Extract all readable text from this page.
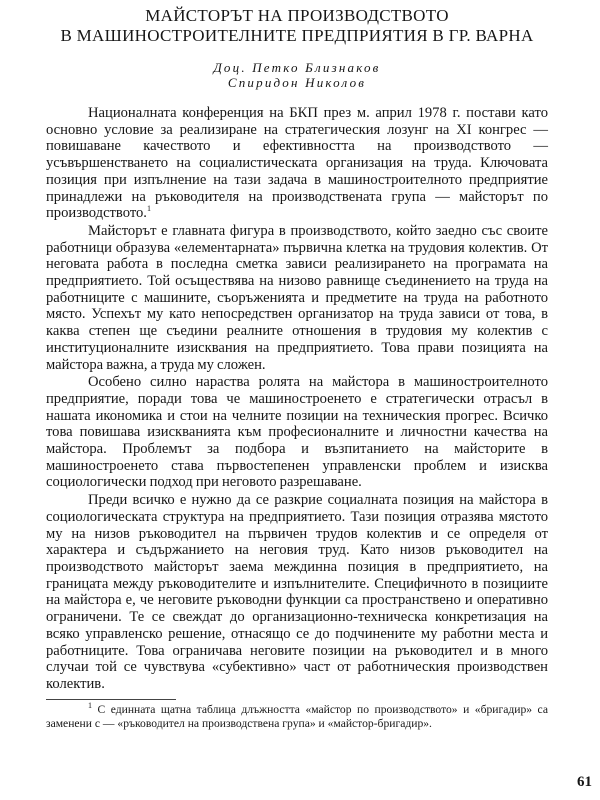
МАЙСТОРЪТ НА ПРОИЗВОДСТВОТО
В МАШИНОСТРОИТЕЛНИТЕ ПРЕДПРИЯТИЯ В ГР. ВАРНА
Доц. Петко Близнаков
Спиридон Николов

Националната конференция на БКП през м. април 1978 г. постави като основно условие за реализиране на стратегическия лозунг на XI конгрес — повишаване качеството и ефективността на производството — усъвършенстването на социалистическата организация на труда. Ключовата позиция при изпълнение на тази задача в машиностроителното предприятие принадлежи на ръководителя на производствената група — майсторът по производството.$^1$

Майсторът е главната фигура в производството, който заедно със своите работници образува «елементарната» първична клетка на трудовия колектив. От неговата работа в последна сметка зависи реализирането на програмата на предприятието. Той осъществява на низово равнище съединението на труда на работниците с машините, съоръженията и предметите на труда на работното място. Успехът му като непосредствен организатор на труда зависи от това, в каква степен ще съедини реалните отношения в трудовия му колектив с институционалните изисквания на предприятието. Това прави позицията на майстора важна, а труда му сложен.

Особено силно нараства ролята на майстора в машиностроителното предприятие, поради това че машиностроенето е стратегически отрасъл в нашата икономика и стои на челните позиции на техническия прогрес. Всичко това повишава изискванията към професионалните и личностни качества на майстора. Проблемът за подбора и възпитанието на майсторите в машиностроенето става първостепенен управленски проблем и изисква социологически подход при неговото разрешаване.

Преди всичко е нужно да се разкрие социалната позиция на майстора в социологическата структура на предприятието. Тази позиция отразява мястото му на низов ръководител на първичен трудов колектив и се определя от характера и съдържанието на неговия труд. Като низов ръководител на производството майсторът заема междинна позиция в предприятието, на границата между ръководителите и изпълнителите. Специфичното в позициите на майстора е, че неговите ръководни функции са пространствено и оперативно ограничени. Те се свеждат до организационно-техническа конкретизация на всяко управленско решение, отнасящо се до подчинените му работни места и работниците. Това ограничава неговите позиции на ръководител и в много случаи той се чувствува «субективно» част от работническия производствен колектив.

$^1$ С единната щатна таблица длъжността «майстор по производството» и «бригадир» са заменени с — «ръководител на производствена група» и «майстор-бригадир».

61
